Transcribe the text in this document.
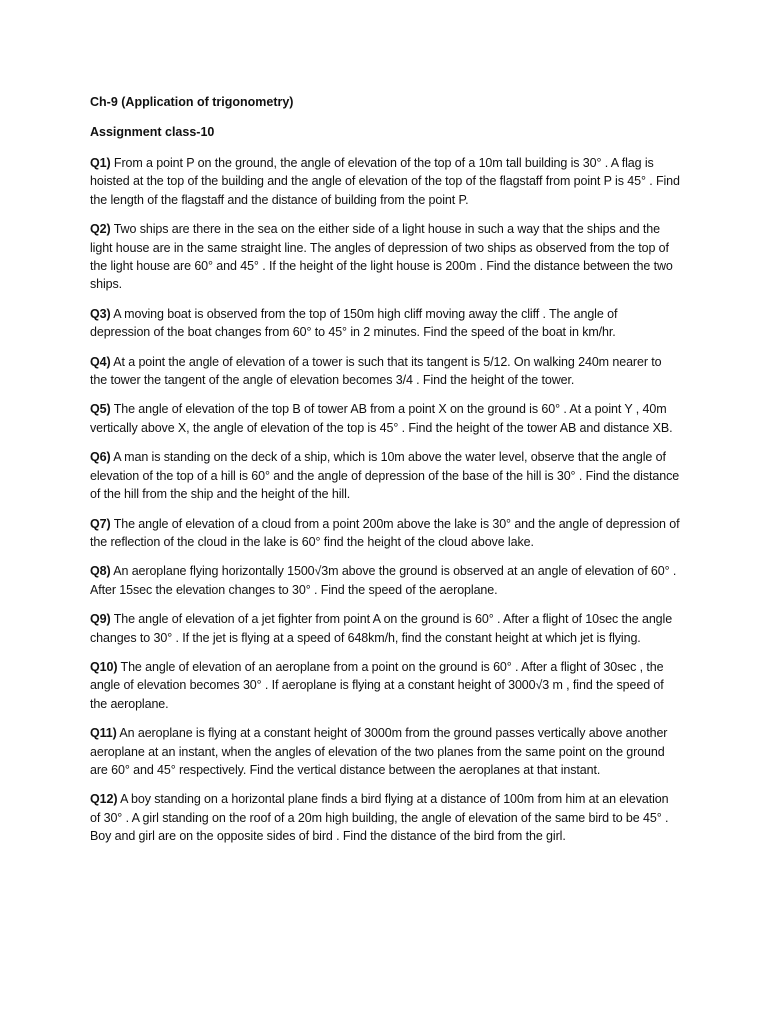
Ch-9 (Application of trigonometry)

Assignment class-10

Q1) From a point P on the ground, the angle of elevation of the top of a 10m tall building is 30° . A flag is hoisted at the top of the building and the angle of elevation of the top of the flagstaff from point P is 45° . Find the length of the flagstaff and the distance of building from the point P.

Q2) Two ships are there in the sea on the either side of a light house in such a way that the ships and the light house are in the same straight line. The angles of depression of two ships as observed from the top of the light house are 60° and 45° . If the height of the light house is 200m . Find the distance between the two ships.

Q3) A moving boat is observed from the top of 150m high cliff moving away the cliff . The angle of depression of the boat changes from 60° to 45° in 2 minutes. Find the speed of the boat in km/hr.

Q4) At a point the angle of elevation of a tower is such that its tangent is 5/12. On walking 240m nearer to the tower the tangent of the angle of elevation becomes 3/4 . Find the height of the tower.

Q5) The angle of elevation of the top B of tower AB from a point X on the ground is 60° . At a point Y , 40m vertically above X, the angle of elevation of the top is 45° . Find the height of the tower AB and distance XB.

Q6) A man is standing on the deck of a ship, which is 10m above the water level, observe that the angle of elevation of the top of a hill is 60° and the angle of depression of the base of the hill is 30° . Find the distance of the hill from the ship and the height of the hill.

Q7) The angle of elevation of a cloud from a point 200m above the lake is 30° and the angle of depression of the reflection of the cloud in the lake is 60° find the height of the cloud above lake.

Q8) An aeroplane flying horizontally 1500√3m above the ground is observed at an angle of elevation of 60° . After 15sec the elevation changes to 30° . Find the speed of the aeroplane.

Q9) The angle of elevation of a jet fighter from point A on the ground is 60° . After a flight of 10sec the angle changes to 30° . If the jet is flying at a speed of 648km/h, find the constant height at which jet is flying.

Q10) The angle of elevation of an aeroplane from a point on the ground is 60° . After a flight of 30sec , the angle of elevation becomes 30° . If aeroplane is flying at a constant height of 3000√3 m , find the speed of the aeroplane.

Q11) An aeroplane is flying at a constant height of 3000m from the ground passes vertically above another aeroplane at an instant, when the angles of elevation of the two planes from the same point on the ground are 60° and 45° respectively. Find the vertical distance between the aeroplanes at that instant.

Q12) A boy standing on a horizontal plane finds a bird flying at a distance of 100m from him at an elevation of 30° . A girl standing on the roof of a 20m high building, the angle of elevation of the same bird to be 45° . Boy and girl are on the opposite sides of bird . Find the distance of the bird from the girl.
